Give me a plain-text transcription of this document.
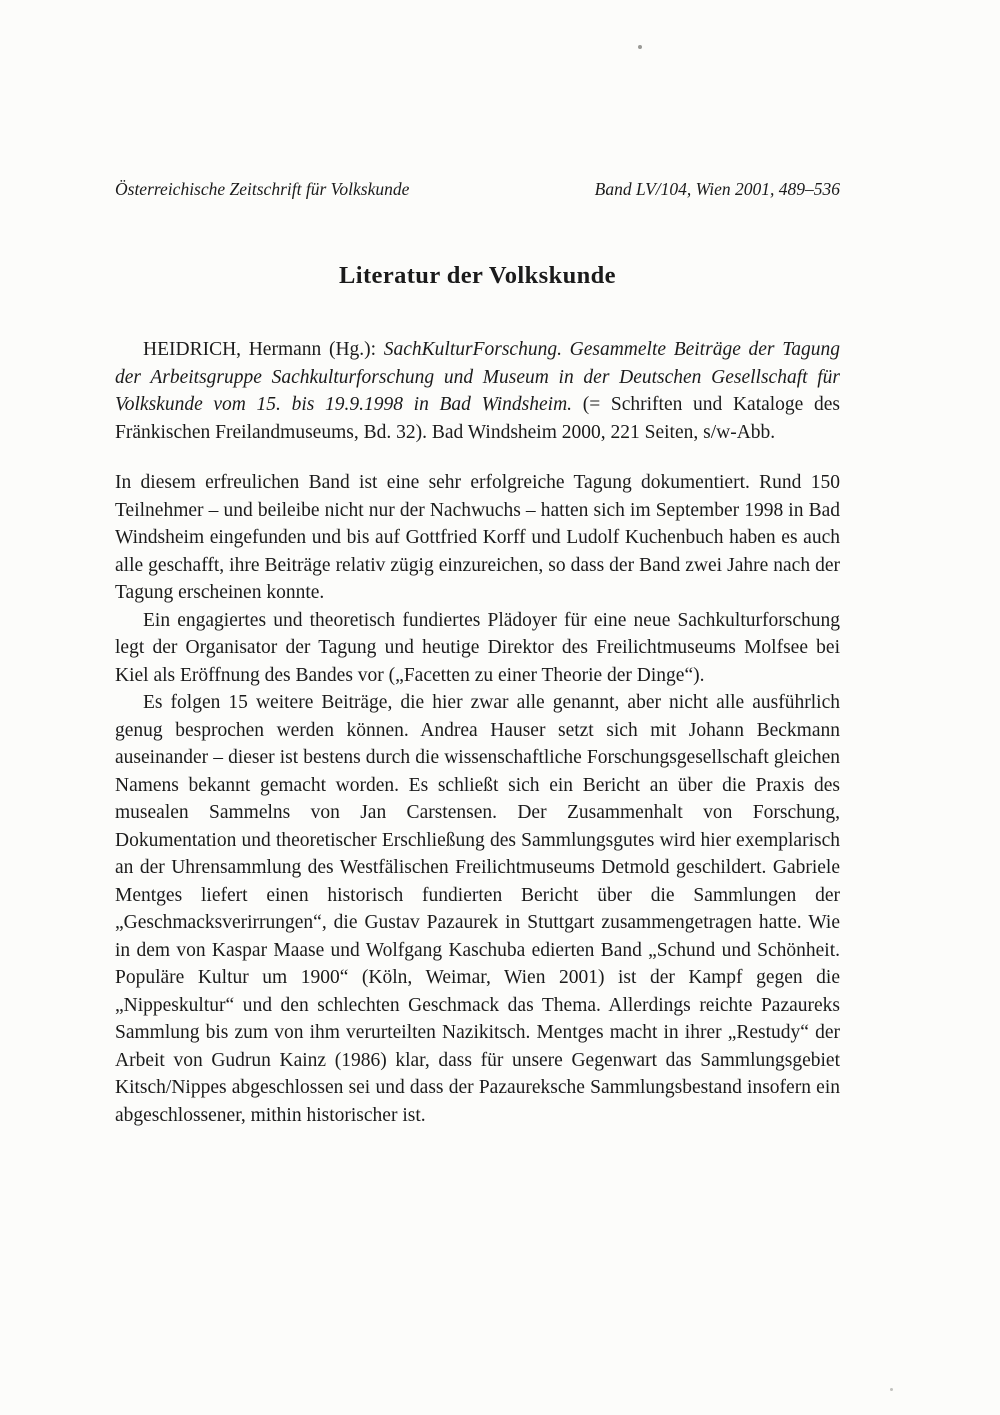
Österreichische Zeitschrift für Volkskunde	Band LV/104, Wien 2001, 489–536
Literatur der Volkskunde

HEIDRICH, Hermann (Hg.): SachKulturForschung. Gesammelte Beiträge der Tagung der Arbeitsgruppe Sachkulturforschung und Museum in der Deutschen Gesellschaft für Volkskunde vom 15. bis 19.9.1998 in Bad Windsheim. (= Schriften und Kataloge des Fränkischen Freilandmuseums, Bd. 32). Bad Windsheim 2000, 221 Seiten, s/w-Abb.

In diesem erfreulichen Band ist eine sehr erfolgreiche Tagung dokumentiert. Rund 150 Teilnehmer – und beileibe nicht nur der Nachwuchs – hatten sich im September 1998 in Bad Windsheim eingefunden und bis auf Gottfried Korff und Ludolf Kuchenbuch haben es auch alle geschafft, ihre Beiträge relativ zügig einzureichen, so dass der Band zwei Jahre nach der Tagung erscheinen konnte.

Ein engagiertes und theoretisch fundiertes Plädoyer für eine neue Sachkulturforschung legt der Organisator der Tagung und heutige Direktor des Freilichtmuseums Molfsee bei Kiel als Eröffnung des Bandes vor („Facetten zu einer Theorie der Dinge“).

Es folgen 15 weitere Beiträge, die hier zwar alle genannt, aber nicht alle ausführlich genug besprochen werden können. Andrea Hauser setzt sich mit Johann Beckmann auseinander – dieser ist bestens durch die wissenschaftliche Forschungsgesellschaft gleichen Namens bekannt gemacht worden. Es schließt sich ein Bericht an über die Praxis des musealen Sammelns von Jan Carstensen. Der Zusammenhalt von Forschung, Dokumentation und theoretischer Erschließung des Sammlungsgutes wird hier exemplarisch an der Uhrensammlung des Westfälischen Freilichtmuseums Detmold geschildert. Gabriele Mentges liefert einen historisch fundierten Bericht über die Sammlungen der „Geschmacksverirrungen“, die Gustav Pazaurek in Stuttgart zusammengetragen hatte. Wie in dem von Kaspar Maase und Wolfgang Kaschuba edierten Band „Schund und Schönheit. Populäre Kultur um 1900“ (Köln, Weimar, Wien 2001) ist der Kampf gegen die „Nippeskultur“ und den schlechten Geschmack das Thema. Allerdings reichte Pazaureks Sammlung bis zum von ihm verurteilten Nazikitsch. Mentges macht in ihrer „Restudy“ der Arbeit von Gudrun Kainz (1986) klar, dass für unsere Gegenwart das Sammlungsgebiet Kitsch/Nippes abgeschlossen sei und dass der Pazaureksche Sammlungsbestand insofern ein abgeschlossener, mithin historischer ist.
